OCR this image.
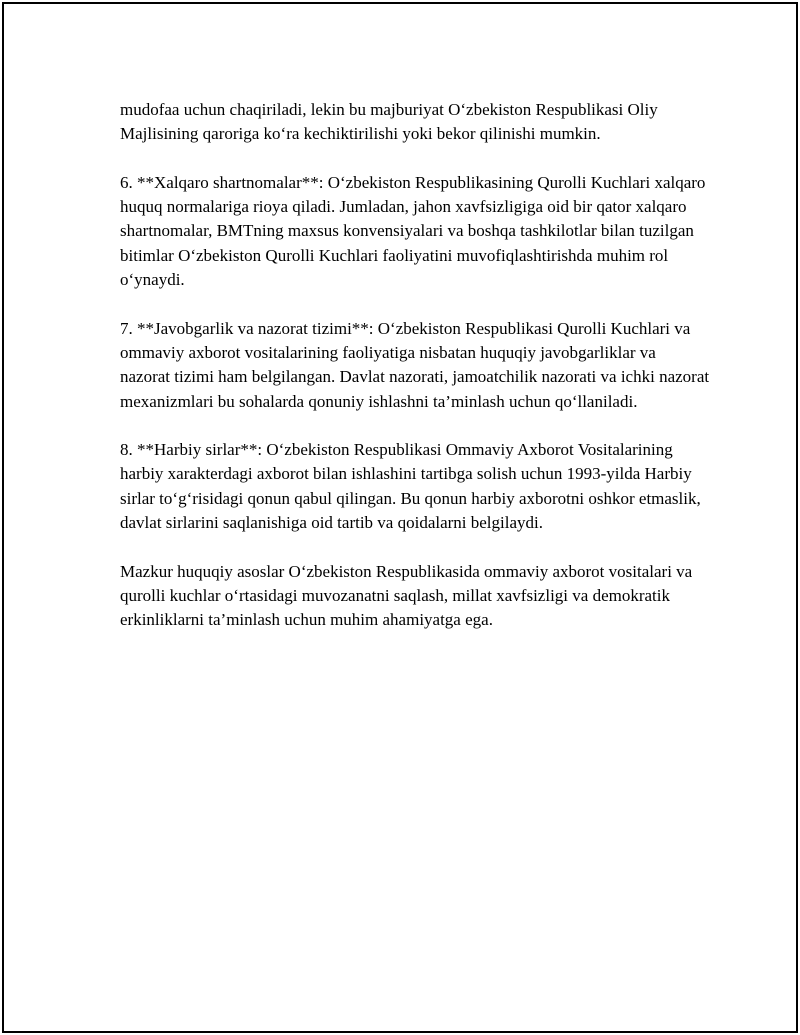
mudofaa uchun chaqiriladi, lekin bu majburiyat O‘zbekiston Respublikasi Oliy Majlisining qaroriga ko‘ra kechiktirilishi yoki bekor qilinishi mumkin.

6. **Xalqaro shartnomalar**: O‘zbekiston Respublikasining Qurolli Kuchlari xalqaro huquq normalariga rioya qiladi. Jumladan, jahon xavfsizligiga oid bir qator xalqaro shartnomalar, BMTning maxsus konvensiyalari va boshqa tashkilotlar bilan tuzilgan bitimlar O‘zbekiston Qurolli Kuchlari faoliyatini muvofiqlashtirishda muhim rol o‘ynaydi.

7. **Javobgarlik va nazorat tizimi**: O‘zbekiston Respublikasi Qurolli Kuchlari va ommaviy axborot vositalarining faoliyatiga nisbatan huquqiy javobgarliklar va nazorat tizimi ham belgilangan. Davlat nazorati, jamoatchilik nazorati va ichki nazorat mexanizmlari bu sohalarda qonuniy ishlashni ta’minlash uchun qo‘llaniladi.

8. **Harbiy sirlar**: O‘zbekiston Respublikasi Ommaviy Axborot Vositalarining harbiy xarakterdagi axborot bilan ishlashini tartibga solish uchun 1993-yilda Harbiy sirlar to‘g‘risidagi qonun qabul qilingan. Bu qonun harbiy axborotni oshkor etmaslik, davlat sirlarini saqlanishiga oid tartib va qoidalarni belgilaydi.

Mazkur huquqiy asoslar O‘zbekiston Respublikasida ommaviy axborot vositalari va qurolli kuchlar o‘rtasidagi muvozanatni saqlash, millat xavfsizligi va demokratik erkinliklarni ta’minlash uchun muhim ahamiyatga ega.
